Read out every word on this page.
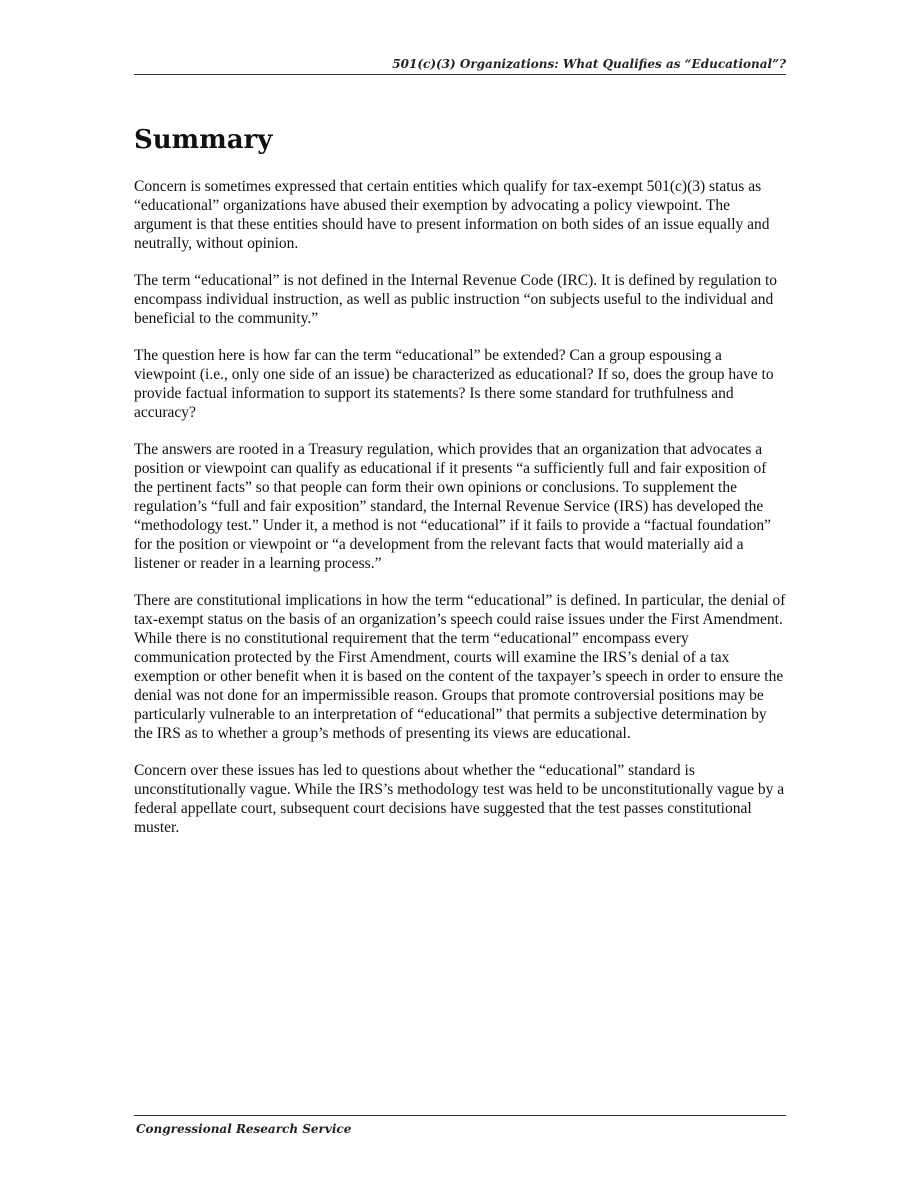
501(c)(3) Organizations: What Qualifies as “Educational”?
Summary

Concern is sometimes expressed that certain entities which qualify for tax-exempt 501(c)(3) status as “educational” organizations have abused their exemption by advocating a policy viewpoint. The argument is that these entities should have to present information on both sides of an issue equally and neutrally, without opinion.

The term “educational” is not defined in the Internal Revenue Code (IRC). It is defined by regulation to encompass individual instruction, as well as public instruction “on subjects useful to the individual and beneficial to the community.”

The question here is how far can the term “educational” be extended? Can a group espousing a viewpoint (i.e., only one side of an issue) be characterized as educational? If so, does the group have to provide factual information to support its statements? Is there some standard for truthfulness and accuracy?

The answers are rooted in a Treasury regulation, which provides that an organization that advocates a position or viewpoint can qualify as educational if it presents “a sufficiently full and fair exposition of the pertinent facts” so that people can form their own opinions or conclusions. To supplement the regulation’s “full and fair exposition” standard, the Internal Revenue Service (IRS) has developed the “methodology test.” Under it, a method is not “educational” if it fails to provide a “factual foundation” for the position or viewpoint or “a development from the relevant facts that would materially aid a listener or reader in a learning process.”

There are constitutional implications in how the term “educational” is defined. In particular, the denial of tax-exempt status on the basis of an organization’s speech could raise issues under the First Amendment. While there is no constitutional requirement that the term “educational” encompass every communication protected by the First Amendment, courts will examine the IRS’s denial of a tax exemption or other benefit when it is based on the content of the taxpayer’s speech in order to ensure the denial was not done for an impermissible reason. Groups that promote controversial positions may be particularly vulnerable to an interpretation of “educational” that permits a subjective determination by the IRS as to whether a group’s methods of presenting its views are educational.

Concern over these issues has led to questions about whether the “educational” standard is unconstitutionally vague. While the IRS’s methodology test was held to be unconstitutionally vague by a federal appellate court, subsequent court decisions have suggested that the test passes constitutional muster.

Congressional Research Service
